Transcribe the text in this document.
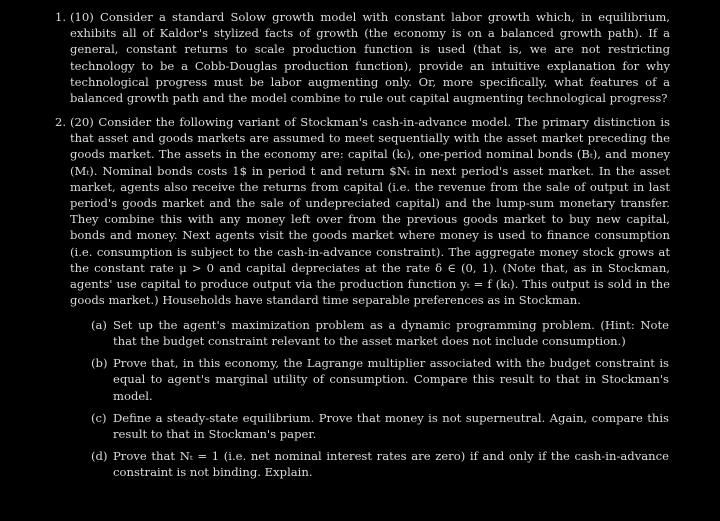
1. (10) Consider a standard Solow growth model with constant labor growth which, in equilibrium, exhibits all of Kaldor's stylized facts of growth (the economy is on a balanced growth path). If a general, constant returns to scale production function is used (that is, we are not restricting technology to be a Cobb-Douglas production function), provide an intuitive explanation for why technological progress must be labor augmenting only. Or, more specifically, what features of a balanced growth path and the model combine to rule out capital augmenting technological progress?
2. (20) Consider the following variant of Stockman's cash-in-advance model. The primary distinction is that asset and goods markets are assumed to meet sequentially with the asset market preceding the goods market. The assets in the economy are: capital (kₜ), one-period nominal bonds (Bₜ), and money (Mₜ). Nominal bonds costs 1$ in period t and return $Nₜ in next period's asset market. In the asset market, agents also receive the returns from capital (i.e. the revenue from the sale of output in last period's goods market and the sale of undepreciated capital) and the lump-sum monetary transfer. They combine this with any money left over from the previous goods market to buy new capital, bonds and money. Next agents visit the goods market where money is used to finance consumption (i.e. consumption is subject to the cash-in-advance constraint). The aggregate money stock grows at the constant rate μ > 0 and capital depreciates at the rate δ ∈ (0, 1). (Note that, as in Stockman, agents' use capital to produce output via the production function yₜ = f (kₜ). This output is sold in the goods market.) Households have standard time separable preferences as in Stockman.
(a) Set up the agent's maximization problem as a dynamic programming problem. (Hint: Note that the budget constraint relevant to the asset market does not include consumption.)
(b) Prove that, in this economy, the Lagrange multiplier associated with the budget constraint is equal to agent's marginal utility of consumption. Compare this result to that in Stockman's model.
(c) Define a steady-state equilibrium. Prove that money is not superneutral. Again, compare this result to that in Stockman's paper.
(d) Prove that Nₜ = 1 (i.e. net nominal interest rates are zero) if and only if the cash-in-advance constraint is not binding. Explain.
